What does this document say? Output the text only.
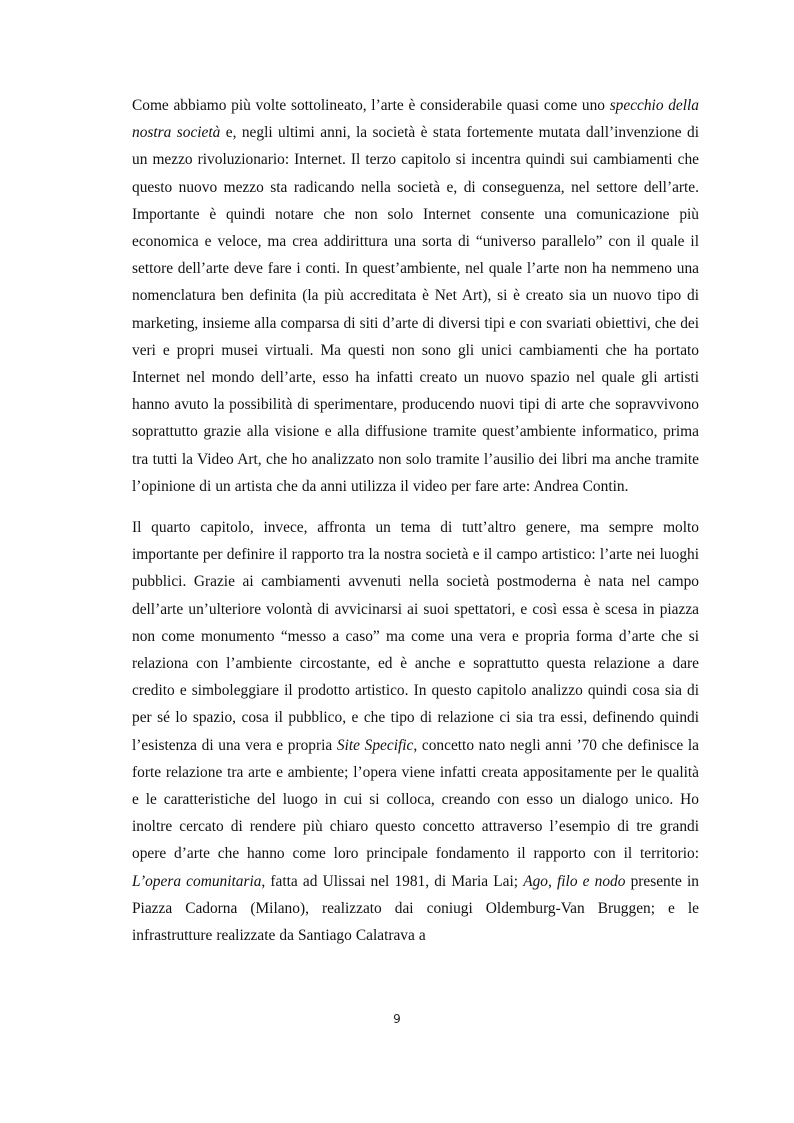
Come abbiamo più volte sottolineato, l’arte è considerabile quasi come uno specchio della nostra società e, negli ultimi anni, la società è stata fortemente mutata dall’invenzione di un mezzo rivoluzionario: Internet. Il terzo capitolo si incentra quindi sui cambiamenti che questo nuovo mezzo sta radicando nella società e, di conseguenza, nel settore dell’arte. Importante è quindi notare che non solo Internet consente una comunicazione più economica e veloce, ma crea addirittura una sorta di “universo parallelo” con il quale il settore dell’arte deve fare i conti. In quest’ambiente, nel quale l’arte non ha nemmeno una nomenclatura ben definita (la più accreditata è Net Art), si è creato sia un nuovo tipo di marketing, insieme alla comparsa di siti d’arte di diversi tipi e con svariati obiettivi, che dei veri e propri musei virtuali. Ma questi non sono gli unici cambiamenti che ha portato Internet nel mondo dell’arte, esso ha infatti creato un nuovo spazio nel quale gli artisti hanno avuto la possibilità di sperimentare, producendo nuovi tipi di arte che sopravvivono soprattutto grazie alla visione e alla diffusione tramite quest’ambiente informatico, prima tra tutti la Video Art, che ho analizzato non solo tramite l’ausilio dei libri ma anche tramite l’opinione di un artista che da anni utilizza il video per fare arte: Andrea Contin.

Il quarto capitolo, invece, affronta un tema di tutt’altro genere, ma sempre molto importante per definire il rapporto tra la nostra società e il campo artistico: l’arte nei luoghi pubblici. Grazie ai cambiamenti avvenuti nella società postmoderna è nata nel campo dell’arte un’ulteriore volontà di avvicinarsi ai suoi spettatori, e così essa è scesa in piazza non come monumento “messo a caso” ma come una vera e propria forma d’arte che si relaziona con l’ambiente circostante, ed è anche e soprattutto questa relazione a dare credito e simboleggiare il prodotto artistico. In questo capitolo analizzo quindi cosa sia di per sé lo spazio, cosa il pubblico, e che tipo di relazione ci sia tra essi, definendo quindi l’esistenza di una vera e propria Site Specific, concetto nato negli anni ’70 che definisce la forte relazione tra arte e ambiente; l’opera viene infatti creata appositamente per le qualità e le caratteristiche del luogo in cui si colloca, creando con esso un dialogo unico. Ho inoltre cercato di rendere più chiaro questo concetto attraverso l’esempio di tre grandi opere d’arte che hanno come loro principale fondamento il rapporto con il territorio: L’opera comunitaria, fatta ad Ulissai nel 1981, di Maria Lai; Ago, filo e nodo presente in Piazza Cadorna (Milano), realizzato dai coniugi Oldemburg-Van Bruggen; e le infrastrutture realizzate da Santiago Calatrava a

9
